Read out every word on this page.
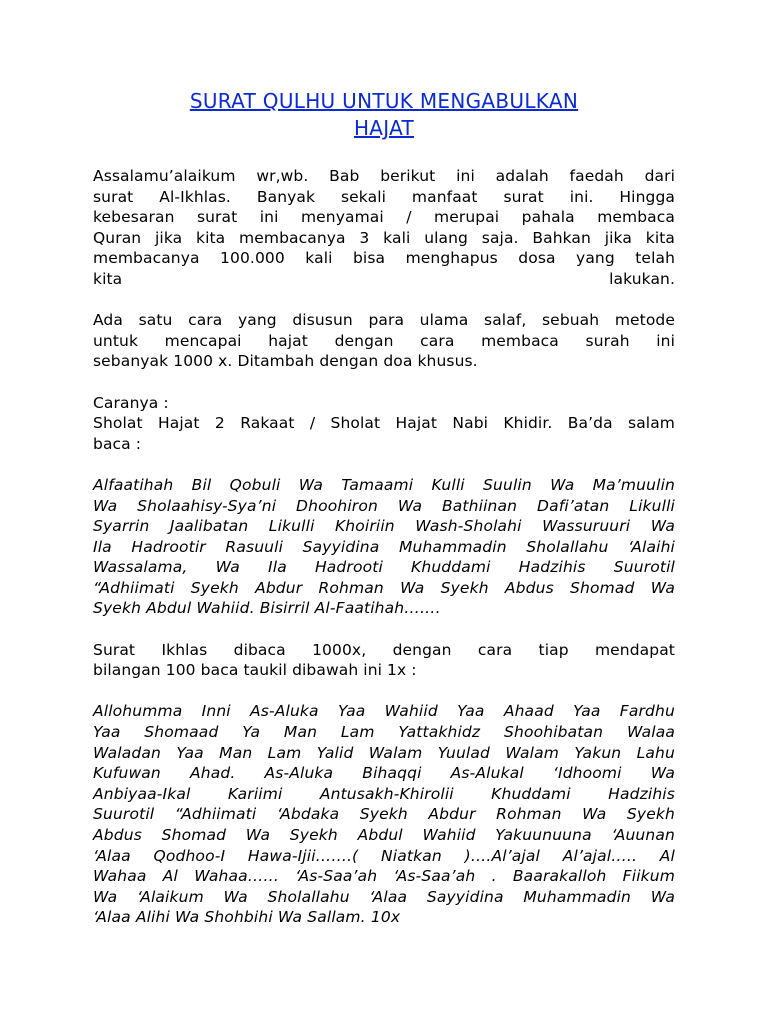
SURAT QULHU UNTUK MENGABULKAN
HAJAT

Assalamu’alaikum wr,wb. Bab berikut ini adalah faedah dari
surat Al-Ikhlas. Banyak sekali manfaat surat ini. Hingga
kebesaran surat ini menyamai / merupai pahala membaca
Quran jika kita membacanya 3 kali ulang saja. Bahkan jika kita
membacanya 100.000 kali bisa menghapus dosa yang telah
kita lakukan.

Ada satu cara yang disusun para ulama salaf, sebuah metode
untuk mencapai hajat dengan cara membaca surah ini
sebanyak 1000 x. Ditambah dengan doa khusus.

Caranya :
Sholat Hajat 2 Rakaat / Sholat Hajat Nabi Khidir. Ba’da salam
baca :

Alfaatihah Bil Qobuli Wa Tamaami Kulli Suulin Wa Ma’muulin
Wa Sholaahisy-Sya’ni Dhoohiron Wa Bathiinan Dafi’atan Likulli
Syarrin Jaalibatan Likulli Khoiriin Wash-Sholahi Wassuruuri Wa
Ila Hadrootir Rasuuli Sayyidina Muhammadin Sholallahu ‘Alaihi
Wassalama, Wa Ila Hadrooti Khuddami Hadzihis Suurotil
“Adhiimati Syekh Abdur Rohman Wa Syekh Abdus Shomad Wa
Syekh Abdul Wahiid. Bisirril Al-Faatihah…….

Surat Ikhlas dibaca 1000x, dengan cara tiap mendapat
bilangan 100 baca taukil dibawah ini 1x :

Allohumma Inni As-Aluka Yaa Wahiid Yaa Ahaad Yaa Fardhu
Yaa Shomaad Ya Man Lam Yattakhidz Shoohibatan Walaa
Waladan Yaa Man Lam Yalid Walam Yuulad Walam Yakun Lahu
Kufuwan Ahad. As-Aluka Bihaqqi As-Alukal ‘Idhoomi Wa
Anbiyaa-Ikal Kariimi Antusakh-Khirolii Khuddami Hadzihis
Suurotil “Adhiimati ‘Abdaka Syekh Abdur Rohman Wa Syekh
Abdus Shomad Wa Syekh Abdul Wahiid Yakuunuuna ‘Auunan
‘Alaa Qodhoo-I Hawa-Ijii…….( Niatkan )….Al’ajal Al’ajal….. Al
Wahaa Al Wahaa…… ‘As-Saa’ah ‘As-Saa’ah . Baarakalloh Fiikum
Wa ‘Alaikum Wa Sholallahu ‘Alaa Sayyidina Muhammadin Wa
‘Alaa Alihi Wa Shohbihi Wa Sallam. 10x
